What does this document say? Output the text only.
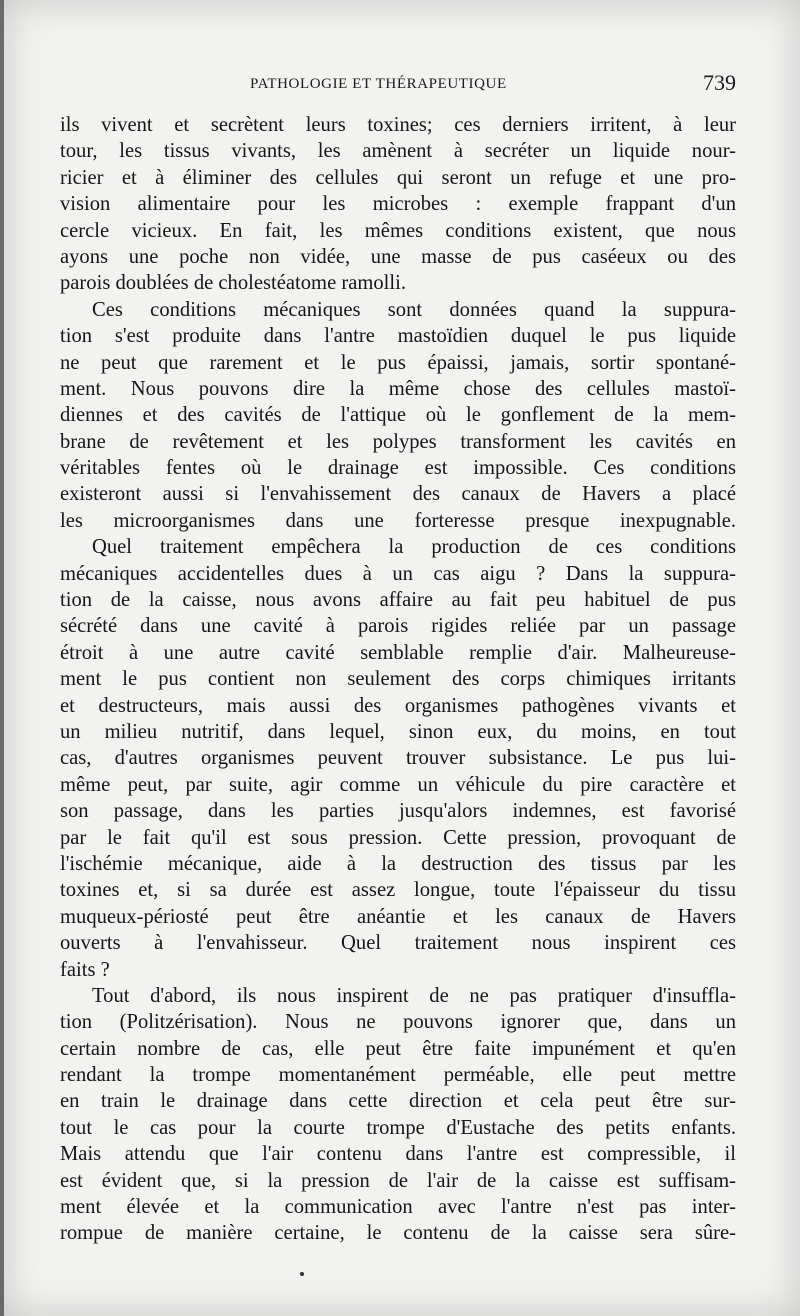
PATHOLOGIE ET THÉRAPEUTIQUE	739
ils vivent et secrètent leurs toxines; ces derniers irritent, à leur
tour, les tissus vivants, les amènent à secréter un liquide nour-
ricier et à éliminer des cellules qui seront un refuge et une pro-
vision alimentaire pour les microbes : exemple frappant d'un
cercle vicieux. En fait, les mêmes conditions existent, que nous
ayons une poche non vidée, une masse de pus caséeux ou des
parois doublées de cholestéatome ramolli.
Ces conditions mécaniques sont données quand la suppura-
tion s'est produite dans l'antre mastoïdien duquel le pus liquide
ne peut que rarement et le pus épaissi, jamais, sortir spontané-
ment. Nous pouvons dire la même chose des cellules mastoï-
diennes et des cavités de l'attique où le gonflement de la mem-
brane de revêtement et les polypes transforment les cavités en
véritables fentes où le drainage est impossible. Ces conditions
existeront aussi si l'envahissement des canaux de Havers a placé
les microorganismes dans une forteresse presque inexpugnable.
Quel traitement empêchera la production de ces conditions
mécaniques accidentelles dues à un cas aigu ? Dans la suppura-
tion de la caisse, nous avons affaire au fait peu habituel de pus
sécrété dans une cavité à parois rigides reliée par un passage
étroit à une autre cavité semblable remplie d'air. Malheureuse-
ment le pus contient non seulement des corps chimiques irritants
et destructeurs, mais aussi des organismes pathogènes vivants et
un milieu nutritif, dans lequel, sinon eux, du moins, en tout
cas, d'autres organismes peuvent trouver subsistance. Le pus lui-
même peut, par suite, agir comme un véhicule du pire caractère et
son passage, dans les parties jusqu'alors indemnes, est favorisé
par le fait qu'il est sous pression. Cette pression, provoquant de
l'ischémie mécanique, aide à la destruction des tissus par les
toxines et, si sa durée est assez longue, toute l'épaisseur du tissu
muqueux-périosté peut être anéantie et les canaux de Havers
ouverts à l'envahisseur. Quel traitement nous inspirent ces
faits ?
Tout d'abord, ils nous inspirent de ne pas pratiquer d'insuffla-
tion (Politzérisation). Nous ne pouvons ignorer que, dans un
certain nombre de cas, elle peut être faite impunément et qu'en
rendant la trompe momentanément perméable, elle peut mettre
en train le drainage dans cette direction et cela peut être sur-
tout le cas pour la courte trompe d'Eustache des petits enfants.
Mais attendu que l'air contenu dans l'antre est compressible, il
est évident que, si la pression de l'air de la caisse est suffisam-
ment élevée et la communication avec l'antre n'est pas inter-
rompue de manière certaine, le contenu de la caisse sera sûre-
